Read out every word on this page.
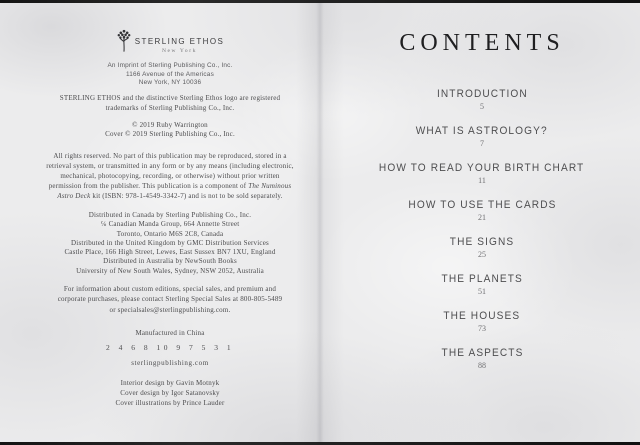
STERLING ETHOS
New York
An Imprint of Sterling Publishing Co., Inc.
1166 Avenue of the Americas
New York, NY 10036
STERLING ETHOS and the distinctive Sterling Ethos logo are registered
trademarks of Sterling Publishing Co., Inc.
© 2019 Ruby Warrington
Cover © 2019 Sterling Publishing Co., Inc.
All rights reserved. No part of this publication may be reproduced, stored in a
retrieval system, or transmitted in any form or by any means (including electronic,
mechanical, photocopying, recording, or otherwise) without prior written
permission from the publisher. This publication is a component of The Numinous
Astro Deck kit (ISBN: 978-1-4549-3342-7) and is not to be sold separately.
Distributed in Canada by Sterling Publishing Co., Inc.
℅ Canadian Manda Group, 664 Annette Street
Toronto, Ontario M6S 2C8, Canada
Distributed in the United Kingdom by GMC Distribution Services
Castle Place, 166 High Street, Lewes, East Sussex BN7 1XU, England
Distributed in Australia by NewSouth Books
University of New South Wales, Sydney, NSW 2052, Australia
For information about custom editions, special sales, and premium and
corporate purchases, please contact Sterling Special Sales at 800-805-5489
or specialsales@sterlingpublishing.com.
Manufactured in China
2 4 6 8 10 9 7 5 3 1
sterlingpublishing.com
Interior design by Gavin Motnyk
Cover design by Igor Satanovsky
Cover illustrations by Prince Lauder
CONTENTS
INTRODUCTION
5
WHAT IS ASTROLOGY?
7
HOW TO READ YOUR BIRTH CHART
11
HOW TO USE THE CARDS
21
THE SIGNS
25
THE PLANETS
51
THE HOUSES
73
THE ASPECTS
88
